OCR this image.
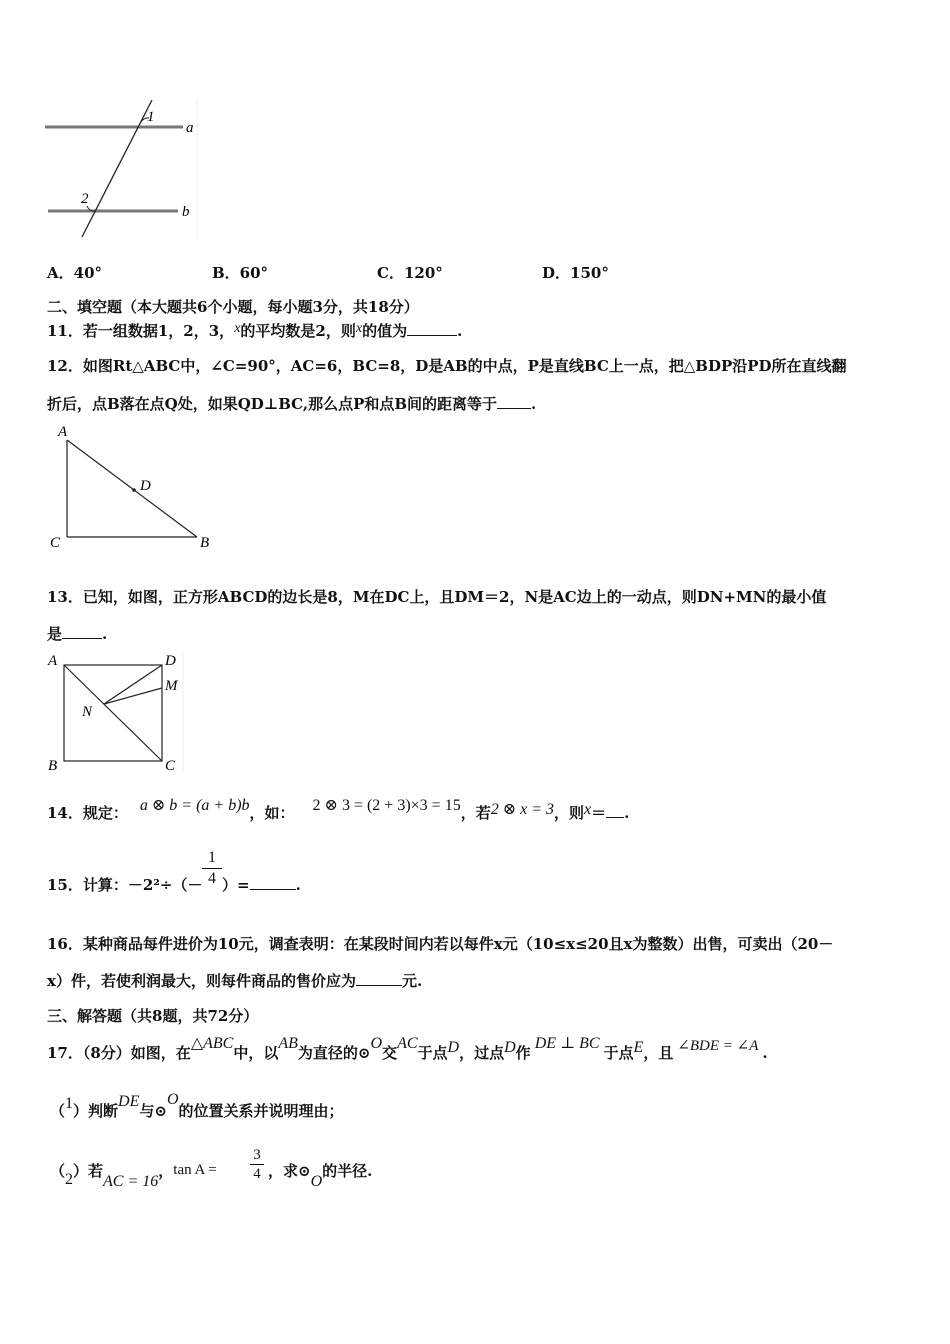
1
a
2
b
A．40°	B．60°	C．120°	D．150°
二、填空题（本大题共6个小题，每小题3分，共18分）
11．若一组数据1，2，3，x的平均数是2，则x的值为	.
12．如图Rt△ABC中，∠C=90°，AC=6，BC=8，D是AB的中点，P是直线BC上一点，把△BDP沿PD所在直线翻
折后，点B落在点Q处，如果QD⊥BC,那么点P和点B间的距离等于 .
A
D
C	B
13．已知，如图，正方形ABCD的边长是8，M在DC上，且DM＝2，N是AC边上的一动点，则DN+MN的最小值
是	.
A	D
M
N
B	C
14．规定： a ⊗ b = (a + b)b，如： 2 ⊗ 3 = (2 + 3)×3 = 15，若2 ⊗ x = 3，则x＝ .
15．计算：－2²÷（－
1
4 ）=	.
16．某种商品每件进价为10元，调查表明：在某段时间内若以每件x元（10≤x≤20且x为整数）出售，可卖出（20－
x）件，若使利润最大，则每件商品的售价应为	元.
三、解答题（共8题，共72分）
17．（8分）如图，在△ABC中，以AB为直径的⊙O交AC于点D，过点D作DE ⊥ BC于点E，且 ∠BDE = ∠A .
（1）判断DE与⊙O的位置关系并说明理由；
（2）若AC = 16，tan A =
3
4 ，求⊙O的半径.
